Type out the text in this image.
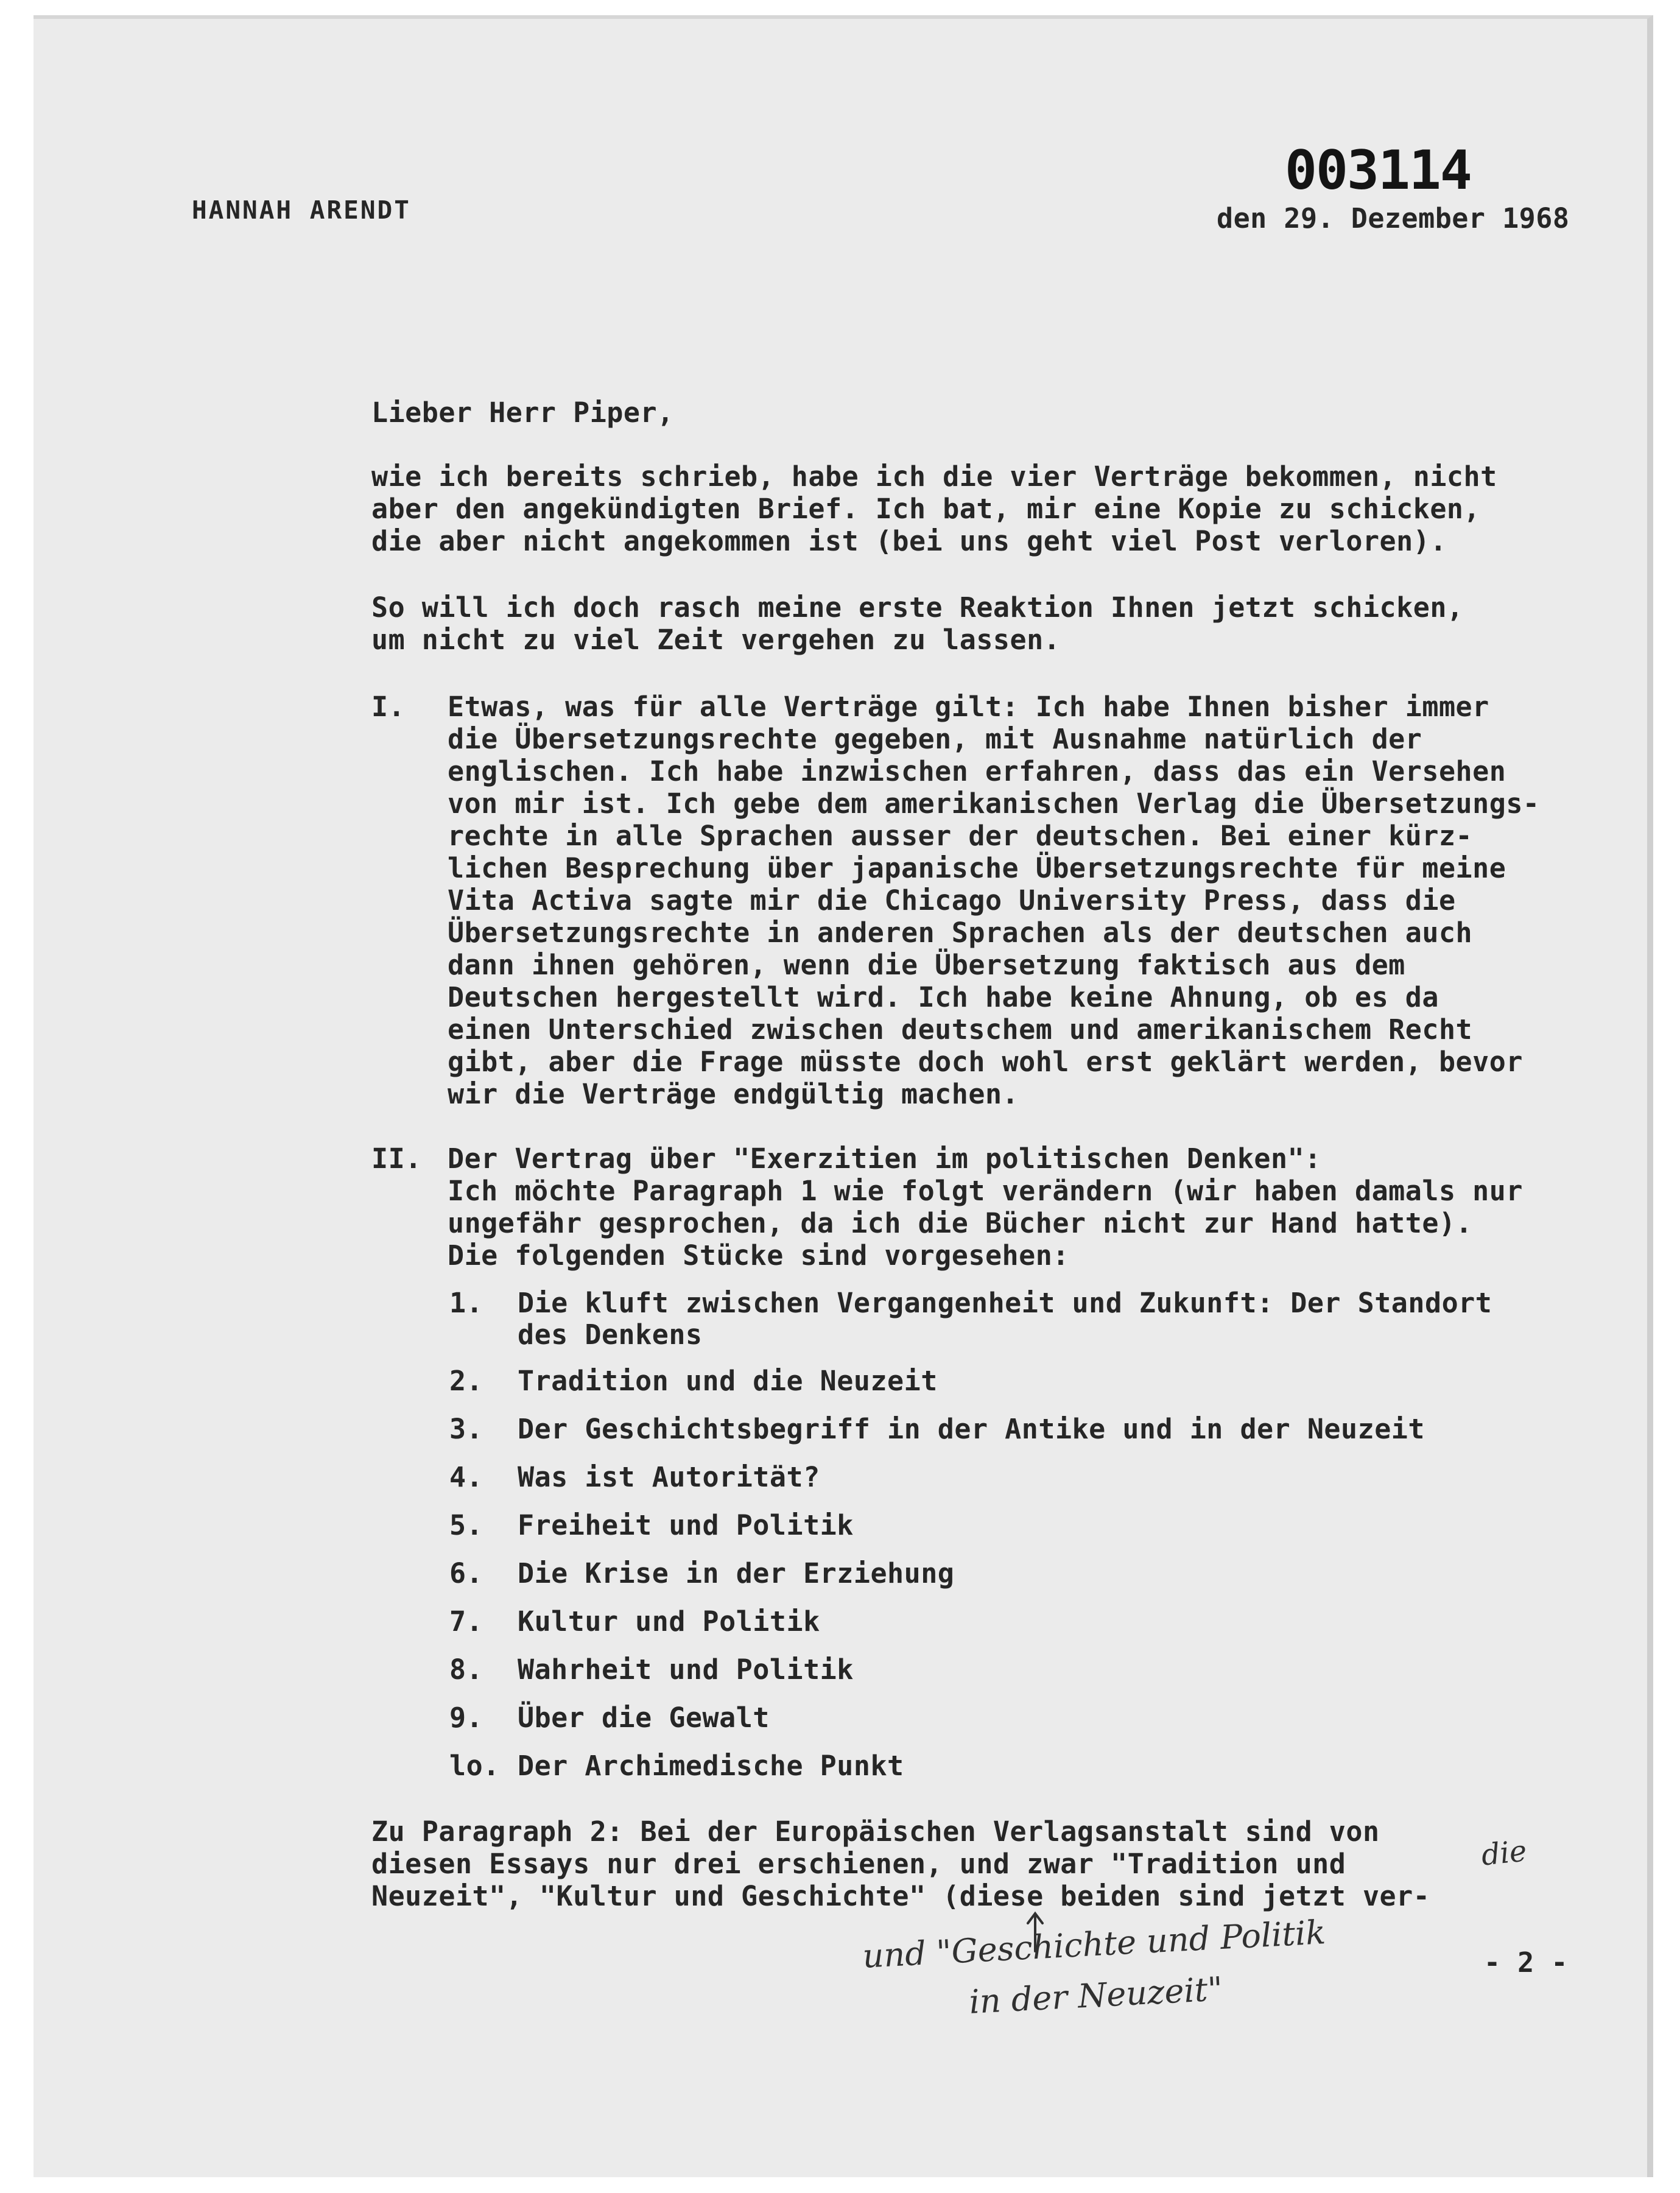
HANNAH ARENDT
003114
den 29. Dezember 1968
Lieber Herr Piper,
wie ich bereits schrieb, habe ich die vier Verträge bekommen, nicht
aber den angekündigten Brief. Ich bat, mir eine Kopie zu schicken,
die aber nicht angekommen ist (bei uns geht viel Post verloren).
So will ich doch rasch meine erste Reaktion Ihnen jetzt schicken,
um nicht zu viel Zeit vergehen zu lassen.
I. Etwas, was für alle Verträge gilt: Ich habe Ihnen bisher immer
die Übersetzungsrechte gegeben, mit Ausnahme natürlich der
englischen. Ich habe inzwischen erfahren, dass das ein Versehen
von mir ist. Ich gebe dem amerikanischen Verlag die Übersetzungs-
rechte in alle Sprachen ausser der deutschen. Bei einer kürz-
lichen Besprechung über japanische Übersetzungsrechte für meine
Vita Activa sagte mir die Chicago University Press, dass die
Übersetzungsrechte in anderen Sprachen als der deutschen auch
dann ihnen gehören, wenn die Übersetzung faktisch aus dem
Deutschen hergestellt wird. Ich habe keine Ahnung, ob es da
einen Unterschied zwischen deutschem und amerikanischem Recht
gibt, aber die Frage müsste doch wohl erst geklärt werden, bevor
wir die Verträge endgültig machen.
II. Der Vertrag über "Exerzitien im politischen Denken":
Ich möchte Paragraph 1 wie folgt verändern (wir haben damals nur
ungefähr gesprochen, da ich die Bücher nicht zur Hand hatte).
Die folgenden Stücke sind vorgesehen:
1. Die kluft zwischen Vergangenheit und Zukunft: Der Standort
des Denkens
2. Tradition und die Neuzeit
3. Der Geschichtsbegriff in der Antike und in der Neuzeit
4. Was ist Autorität?
5. Freiheit und Politik
6. Die Krise in der Erziehung
7. Kultur und Politik
8. Wahrheit und Politik
9. Über die Gewalt
lo. Der Archimedische Punkt
Zu Paragraph 2: Bei der Europäischen Verlagsanstalt sind von
diesen Essays nur drei erschienen, und zwar "Tradition und
Neuzeit", "Kultur und Geschichte" (diese beiden sind jetzt ver-
die
und "Geschichte und Politik
in der Neuzeit"
- 2 -
